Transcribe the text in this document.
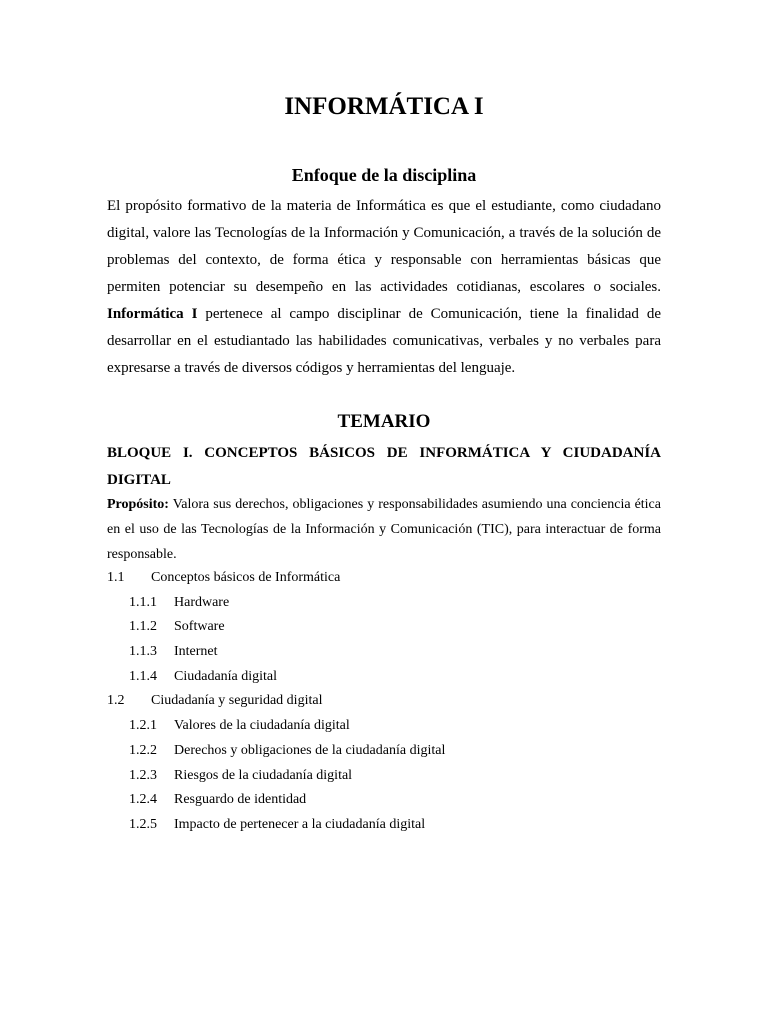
INFORMÁTICA I
Enfoque de la disciplina
El propósito formativo de la materia de Informática es que el estudiante, como ciudadano digital, valore las Tecnologías de la Información y Comunicación, a través de la solución de problemas del contexto, de forma ética y responsable con herramientas básicas que permiten potenciar su desempeño en las actividades cotidianas, escolares o sociales. Informática I pertenece al campo disciplinar de Comunicación, tiene la finalidad de desarrollar en el estudiantado las habilidades comunicativas, verbales y no verbales para expresarse a través de diversos códigos y herramientas del lenguaje.
TEMARIO
BLOQUE I. CONCEPTOS BÁSICOS DE INFORMÁTICA Y CIUDADANÍA DIGITAL
Propósito: Valora sus derechos, obligaciones y responsabilidades asumiendo una conciencia ética en el uso de las Tecnologías de la Información y Comunicación (TIC), para interactuar de forma responsable.
1.1 Conceptos básicos de Informática
1.1.1 Hardware
1.1.2 Software
1.1.3 Internet
1.1.4 Ciudadanía digital
1.2 Ciudadanía y seguridad digital
1.2.1 Valores de la ciudadanía digital
1.2.2 Derechos y obligaciones de la ciudadanía digital
1.2.3 Riesgos de la ciudadanía digital
1.2.4 Resguardo de identidad
1.2.5 Impacto de pertenecer a la ciudadanía digital
